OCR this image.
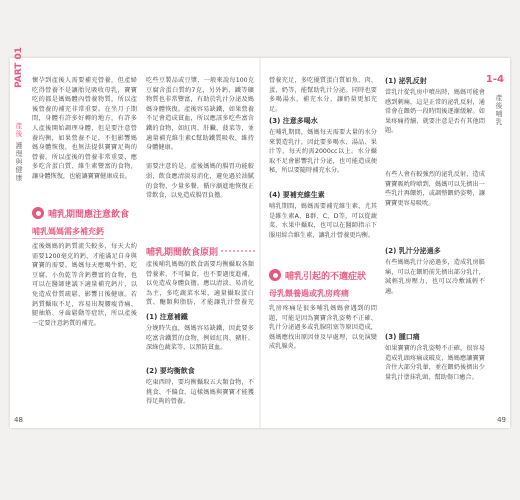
PART 01
產後
護理與健康
懷孕到產後人需要補充營養，但產婦吃得營養不是讓胎兒吸收母乳，寶寶吃的都是媽媽體內營養物質，所以產後營養的補充非常重要。在坐月子期間，身體有許多好轉的地方，有許多人產後開始調理身體，但是要注意營養均衡，如果營養不足，不但影響媽媽身體恢復，也無法提供寶寶足夠的營養。所以產後的營養非常重要，應多吃含蛋白質、維生素豐富的食物，讓身體恢復，也能讓寶寶健康成長。
吃些豆製品或豆漿，一般來說每100克豆腐含蛋白質約7克，另外鈣、鐵等礦物質也非常豐富，有助於乳汁分泌及媽媽身體恢復。產後容易缺鐵，如果營養不足會造成貧血，所以應該多吃些富含鐵的食物，如紅肉、肝臟、菠菜等，並適量補充維生素C幫助鐵質吸收，維持身體健康。

需要注意的是，產後媽媽的腸胃功能較弱，飲食應清淡易消化，避免過於油膩的食物，少量多餐，循序漸進地恢復正常飲食，以免造成腸胃負擔。
哺乳期間應注意飲食
哺乳媽媽需多補充鈣
產後媽媽的鈣質流失較多，每天大約需要1200毫克的鈣，才能滿足自身與寶寶的需要。媽媽每天應喝牛奶、吃豆腐、小魚乾等含鈣豐富的食物，也可以在醫師建議下適量補充鈣片，以免造成骨質疏鬆，影響日後健康。若鈣質攝取不足，容易出現腰痠背痛、腿抽筋、牙齒鬆動等症狀，所以產後一定要注意鈣質的補充。
哺乳期間飲食原則
產後哺乳媽媽的飲食需要均衡攝取各類營養素，不可偏食，也不要過度進補，以免造成身體負擔。應以清淡、易消化為主，多吃蔬菜水果，適量攝取蛋白質、醣類與脂肪，才能讓乳汁營養充
(1) 注意補鐵
分娩時失血，媽媽容易缺鐵，因此要多吃富含鐵質的食物，例如紅肉、豬肝、深綠色蔬菜等，以預防貧血。
(2) 要均衡飲食
吃東西時，要均衡攝取五大類食物，不挑食、不偏食，這樣媽媽與寶寶才能獲得足夠的營養。
48
1-4
產後哺乳
營養充足，多吃優質蛋白質如魚、肉、蛋、奶等，能幫助乳汁分泌。同時也要多喝湯水，補充水分，讓奶量更加充足。
(3) 注意多喝水
在哺乳期間，媽媽每天需要大量的水分來製造乳汁，因此要多喝水、湯品、果汁等，每天約需2000cc以上。水分攝取不足會影響乳汁分泌，也可能造成便秘，所以要隨時補充水分。
(4) 要補充維生素
哺乳期間，媽媽需要補充維生素，尤其是維生素A、B群、C、D等，可以從蔬菜、水果中攝取，也可以在醫師指示下服用綜合維生素，讓乳汁營養更均衡。
哺乳引起的不適症狀
母乳餵養過或乳房疼痛
乳房疼痛是很多哺乳媽媽會遇到的問題，可能是因為寶寶含乳姿勢不正確、乳汁分泌過多或乳腺阻塞等原因造成，媽媽應找出原因並及早處理，以免演變成乳腺炎。
(1) 泌乳反射
當乳汁從乳房中噴出時，媽媽可能會感到刺痛，這是正常的泌乳反射，通常會在餵奶一段時間後逐漸緩解。如果疼痛持續，就要注意是否有其他問題。
有些人會有較強烈的泌乳反射，造成寶寶吸吮時嗆到，媽媽可以先擠出一些乳汁再餵奶，或調整餵奶姿勢，讓寶寶更容易吸吮。
(2) 乳汁分泌過多
有些媽媽乳汁分泌過多，造成乳房脹痛，可以在餵奶前先擠出部分乳汁，減輕乳房壓力，也可以冷敷減輕不適。
(3) 腫口痛
如果寶寶的含乳姿勢不正確，很容易造成乳頭疼痛或破皮，媽媽應讓寶寶含住大部分乳暈，並在餵奶後擠出少量乳汁塗抹乳頭，幫助傷口癒合。
49
